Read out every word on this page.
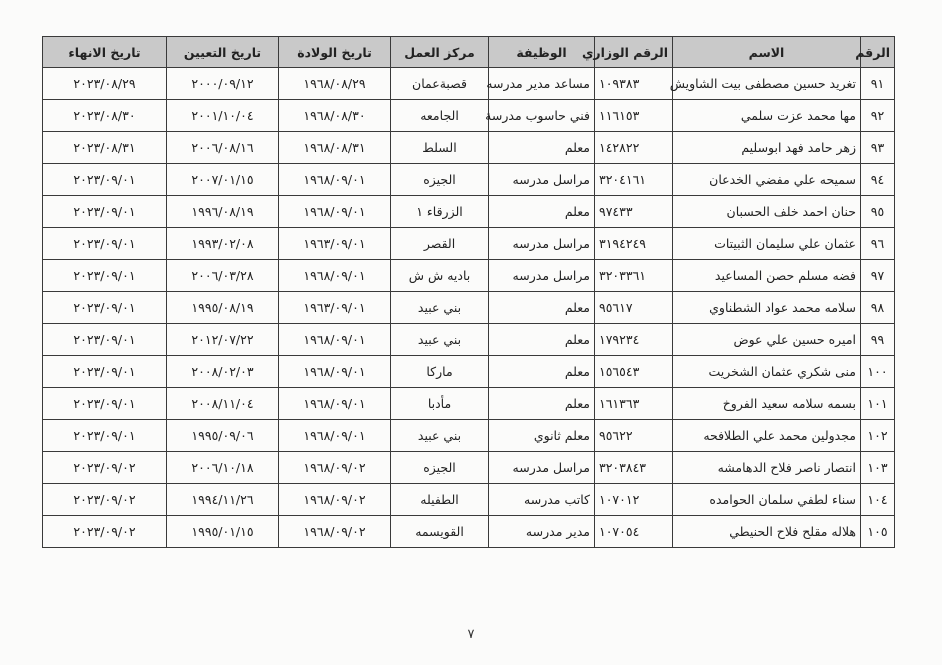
الرقم	الاسم	الرقم الوزاري	الوظيفة	مركز العمل	تاريخ الولادة	تاريخ التعيين	تاريخ الانهاء
٩١	تغريد حسين مصطفى بيت الشاويش	١٠٩٣٨٣	مساعد مدير مدرسه	قصبةعمان	١٩٦٨/٠٨/٢٩	٢٠٠٠/٠٩/١٢	٢٠٢٣/٠٨/٢٩
٩٢	مها محمد عزت سلمي	١١٦١٥٣	فني حاسوب مدرسة	الجامعه	١٩٦٨/٠٨/٣٠	٢٠٠١/١٠/٠٤	٢٠٢٣/٠٨/٣٠
٩٣	زهر حامد فهد ابوسليم	١٤٢٨٢٢	معلم	السلط	١٩٦٨/٠٨/٣١	٢٠٠٦/٠٨/١٦	٢٠٢٣/٠٨/٣١
٩٤	سميحه علي مفضي الخدعان	٣٢٠٤١٦١	مراسل مدرسه	الجيزه	١٩٦٨/٠٩/٠١	٢٠٠٧/٠١/١٥	٢٠٢٣/٠٩/٠١
٩٥	حنان احمد خلف الحسبان	٩٧٤٣٣	معلم	الزرقاء ١	١٩٦٨/٠٩/٠١	١٩٩٦/٠٨/١٩	٢٠٢٣/٠٩/٠١
٩٦	عثمان علي سليمان الثبيتات	٣١٩٤٢٤٩	مراسل مدرسه	القصر	١٩٦٣/٠٩/٠١	١٩٩٣/٠٢/٠٨	٢٠٢٣/٠٩/٠١
٩٧	فضه مسلم حصن المساعيد	٣٢٠٣٣٦١	مراسل مدرسه	باديه ش ش	١٩٦٨/٠٩/٠١	٢٠٠٦/٠٣/٢٨	٢٠٢٣/٠٩/٠١
٩٨	سلامه محمد عواد الشطناوي	٩٥٦١٧	معلم	بني عبيد	١٩٦٣/٠٩/٠١	١٩٩٥/٠٨/١٩	٢٠٢٣/٠٩/٠١
٩٩	اميره حسين علي عوض	١٧٩٢٣٤	معلم	بني عبيد	١٩٦٨/٠٩/٠١	٢٠١٢/٠٧/٢٢	٢٠٢٣/٠٩/٠١
١٠٠	منى شكري عثمان الشخريت	١٥٦٥٤٣	معلم	ماركا	١٩٦٨/٠٩/٠١	٢٠٠٨/٠٢/٠٣	٢٠٢٣/٠٩/٠١
١٠١	بسمه سلامه سعيد الفروخ	١٦١٣٦٣	معلم	مأدبا	١٩٦٨/٠٩/٠١	٢٠٠٨/١١/٠٤	٢٠٢٣/٠٩/٠١
١٠٢	مجدولين محمد علي الطلافحه	٩٥٦٢٢	معلم ثانوي	بني عبيد	١٩٦٨/٠٩/٠١	١٩٩٥/٠٩/٠٦	٢٠٢٣/٠٩/٠١
١٠٣	انتصار ناصر فلاح الدهامشه	٣٢٠٣٨٤٣	مراسل مدرسه	الجيزه	١٩٦٨/٠٩/٠٢	٢٠٠٦/١٠/١٨	٢٠٢٣/٠٩/٠٢
١٠٤	سناء لطفي سلمان الحوامده	١٠٧٠١٢	كاتب مدرسه	الطفيله	١٩٦٨/٠٩/٠٢	١٩٩٤/١١/٢٦	٢٠٢٣/٠٩/٠٢
١٠٥	هلاله مقلح فلاح الحنيطي	١٠٧٠٥٤	مدير مدرسه	القويسمه	١٩٦٨/٠٩/٠٢	١٩٩٥/٠١/١٥	٢٠٢٣/٠٩/٠٢
٧
